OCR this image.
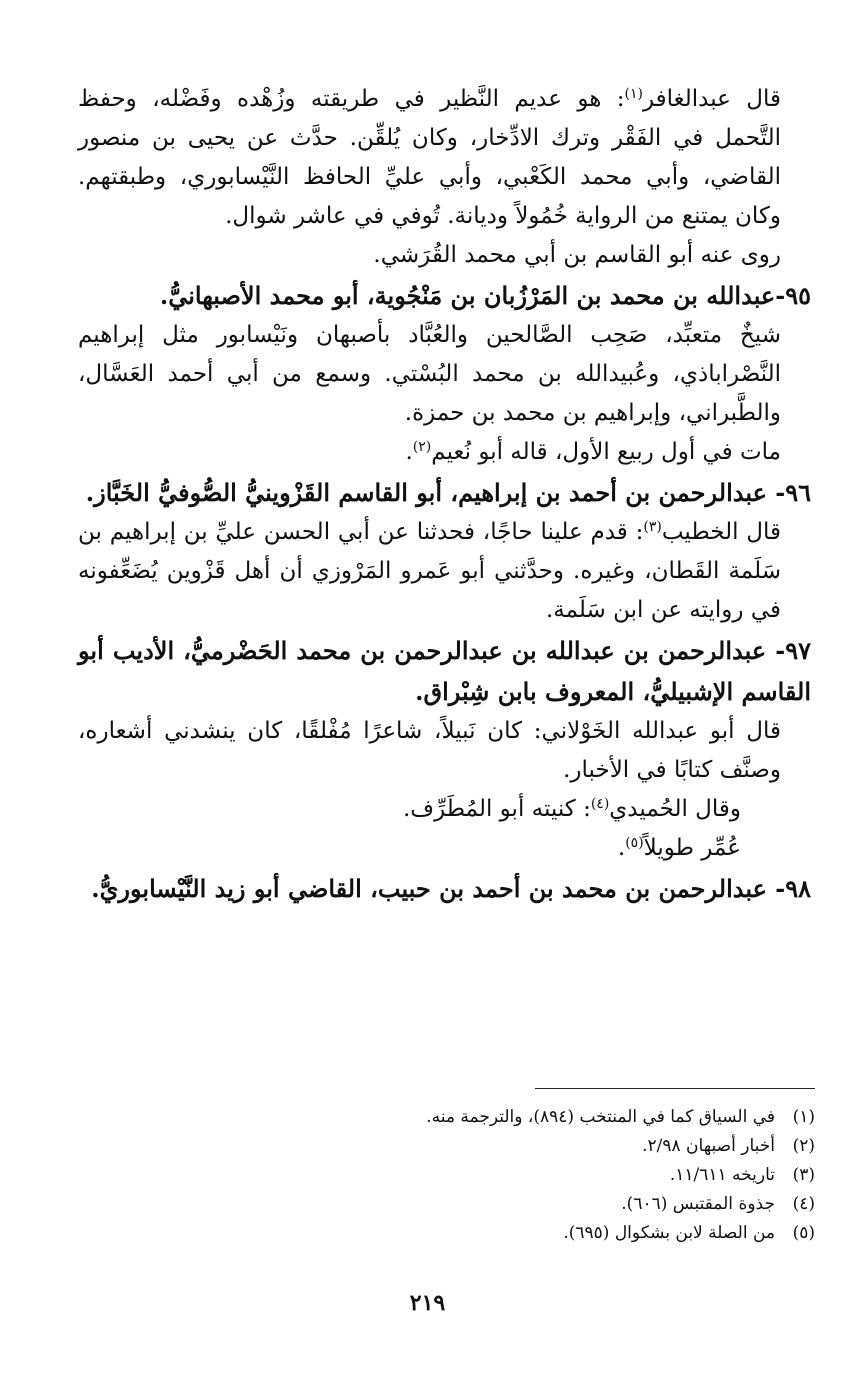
قال عبدالغافر$^{(١)}$: هو عديم النَّظير في طريقته وزُهْده وفَضْله، وحفظ التَّحمل في الفَقْر وترك الادِّخار، وكان يُلقِّن. حدَّث عن يحيى بن منصور القاضي، وأبي محمد الكَعْبي، وأبي عليِّ الحافظ النَّيْسابوري، وطبقتهم. وكان يمتنع من الرواية خُمُولاً وديانة. تُوفي في عاشر شوال.

روى عنه أبو القاسم بن أبي محمد القُرَشي.

٩٥-عبدالله بن محمد بن المَرْزُبان بن مَنْجُوية، أبو محمد الأصبهانيُّ.

شيخٌ متعبِّد، صَحِب الصَّالحين والعُبَّاد بأصبهان ونَيْسابور مثل إبراهيم النَّصْراباذي، وعُبيدالله بن محمد البُسْتي. وسمع من أبي أحمد العَسَّال، والطَّبراني، وإبراهيم بن محمد بن حمزة.

مات في أول ربيع الأول، قاله أبو نُعيم$^{(٢)}$.

٩٦- عبدالرحمن بن أحمد بن إبراهيم، أبو القاسم القَزْوينيُّ الصُّوفيُّ الخَبَّاز.

قال الخطيب$^{(٣)}$: قدم علينا حاجًا، فحدثنا عن أبي الحسن عليِّ بن إبراهيم بن سَلَمة القَطان، وغيره. وحدَّثني أبو عَمرو المَرْوزي أن أهل قَزْوين يُضَعِّفونه في روايته عن ابن سَلَمة.

٩٧- عبدالرحمن بن عبدالله بن عبدالرحمن بن محمد الحَضْرميُّ، الأديب أبو القاسم الإشبيليُّ، المعروف بابن شِبْراق.

قال أبو عبدالله الخَوْلاني: كان نَبيلاً، شاعرًا مُفْلقًا، كان ينشدني أشعاره، وصنَّف كتابًا في الأخبار.

وقال الحُميدي$^{(٤)}$: كنيته أبو المُطَرِّف.

عُمِّر طويلاً$^{(٥)}$.

٩٨- عبدالرحمن بن محمد بن أحمد بن حبيب، القاضي أبو زيد النَّيْسابوريُّ.

(١)
في السياق كما في المنتخب (٨٩٤)، والترجمة منه.
(٢)
أخبار أصبهان ٢/٩٨.
(٣)
تاريخه ١١/٦١١.
(٤)
جذوة المقتبس (٦٠٦).
(٥)
من الصلة لابن بشكوال (٦٩٥).
٢١٩
